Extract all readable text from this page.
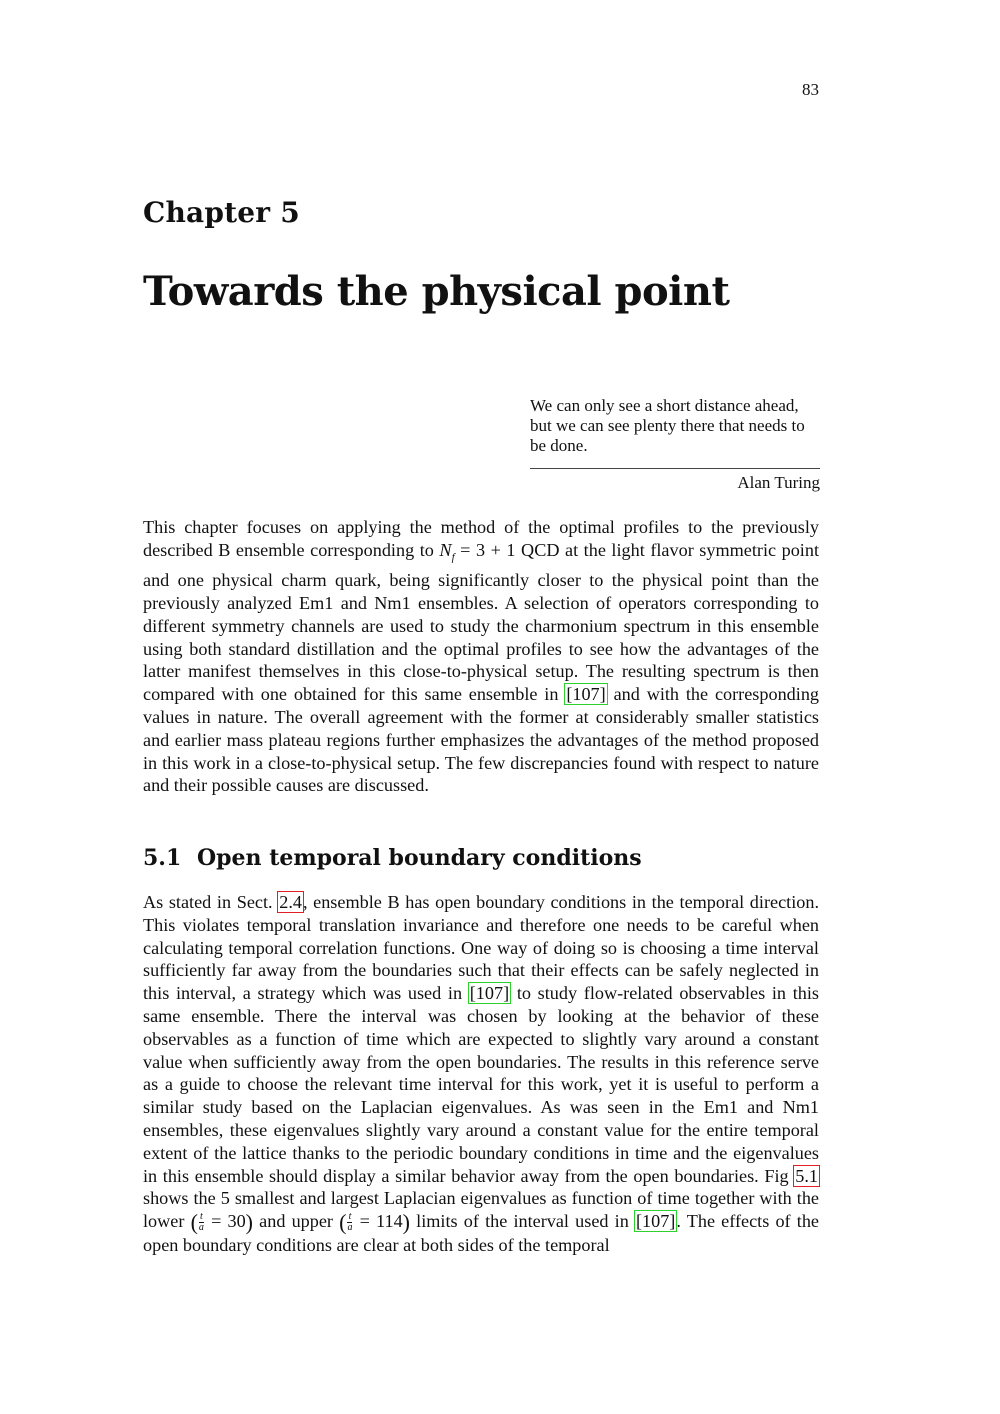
83
Chapter 5
Towards the physical point

We can only see a short distance ahead, but we can see plenty there that needs to be done.

Alan Turing

This chapter focuses on applying the method of the optimal profiles to the previously described B ensemble corresponding to $N_f = 3 + 1$ QCD at the light flavor symmetric point and one physical charm quark, being significantly closer to the physical point than the previously analyzed Em1 and Nm1 ensembles. A selection of operators corresponding to different symmetry channels are used to study the charmonium spectrum in this ensemble using both standard distillation and the optimal profiles to see how the advantages of the latter manifest themselves in this close-to-physical setup. The resulting spectrum is then compared with one obtained for this same ensemble in [107] and with the corresponding values in nature. The overall agreement with the former at considerably smaller statistics and earlier mass plateau regions further emphasizes the advantages of the method proposed in this work in a close-to-physical setup. The few discrepancies found with respect to nature and their possible causes are discussed.

5.1 Open temporal boundary conditions

As stated in Sect. 2.4, ensemble B has open boundary conditions in the temporal direction. This violates temporal translation invariance and therefore one needs to be careful when calculating temporal correlation functions. One way of doing so is choosing a time interval sufficiently far away from the boundaries such that their effects can be safely neglected in this interval, a strategy which was used in [107] to study flow-related observables in this same ensemble. There the interval was chosen by looking at the behavior of these observables as a function of time which are expected to slightly vary around a constant value when sufficiently away from the open boundaries. The results in this reference serve as a guide to choose the relevant time interval for this work, yet it is useful to perform a similar study based on the Laplacian eigenvalues. As was seen in the Em1 and Nm1 ensembles, these eigenvalues slightly vary around a constant value for the entire temporal extent of the lattice thanks to the periodic boundary conditions in time and the eigenvalues in this ensemble should display a similar behavior away from the open boundaries. Fig 5.1 shows the 5 smallest and largest Laplacian eigenvalues as function of time together with the lower ( $\frac{t}{a} = 30$) and upper ( $\frac{t}{a} = 114$) limits of the interval used in [107]. The effects of the open boundary conditions are clear at both sides of the temporal
